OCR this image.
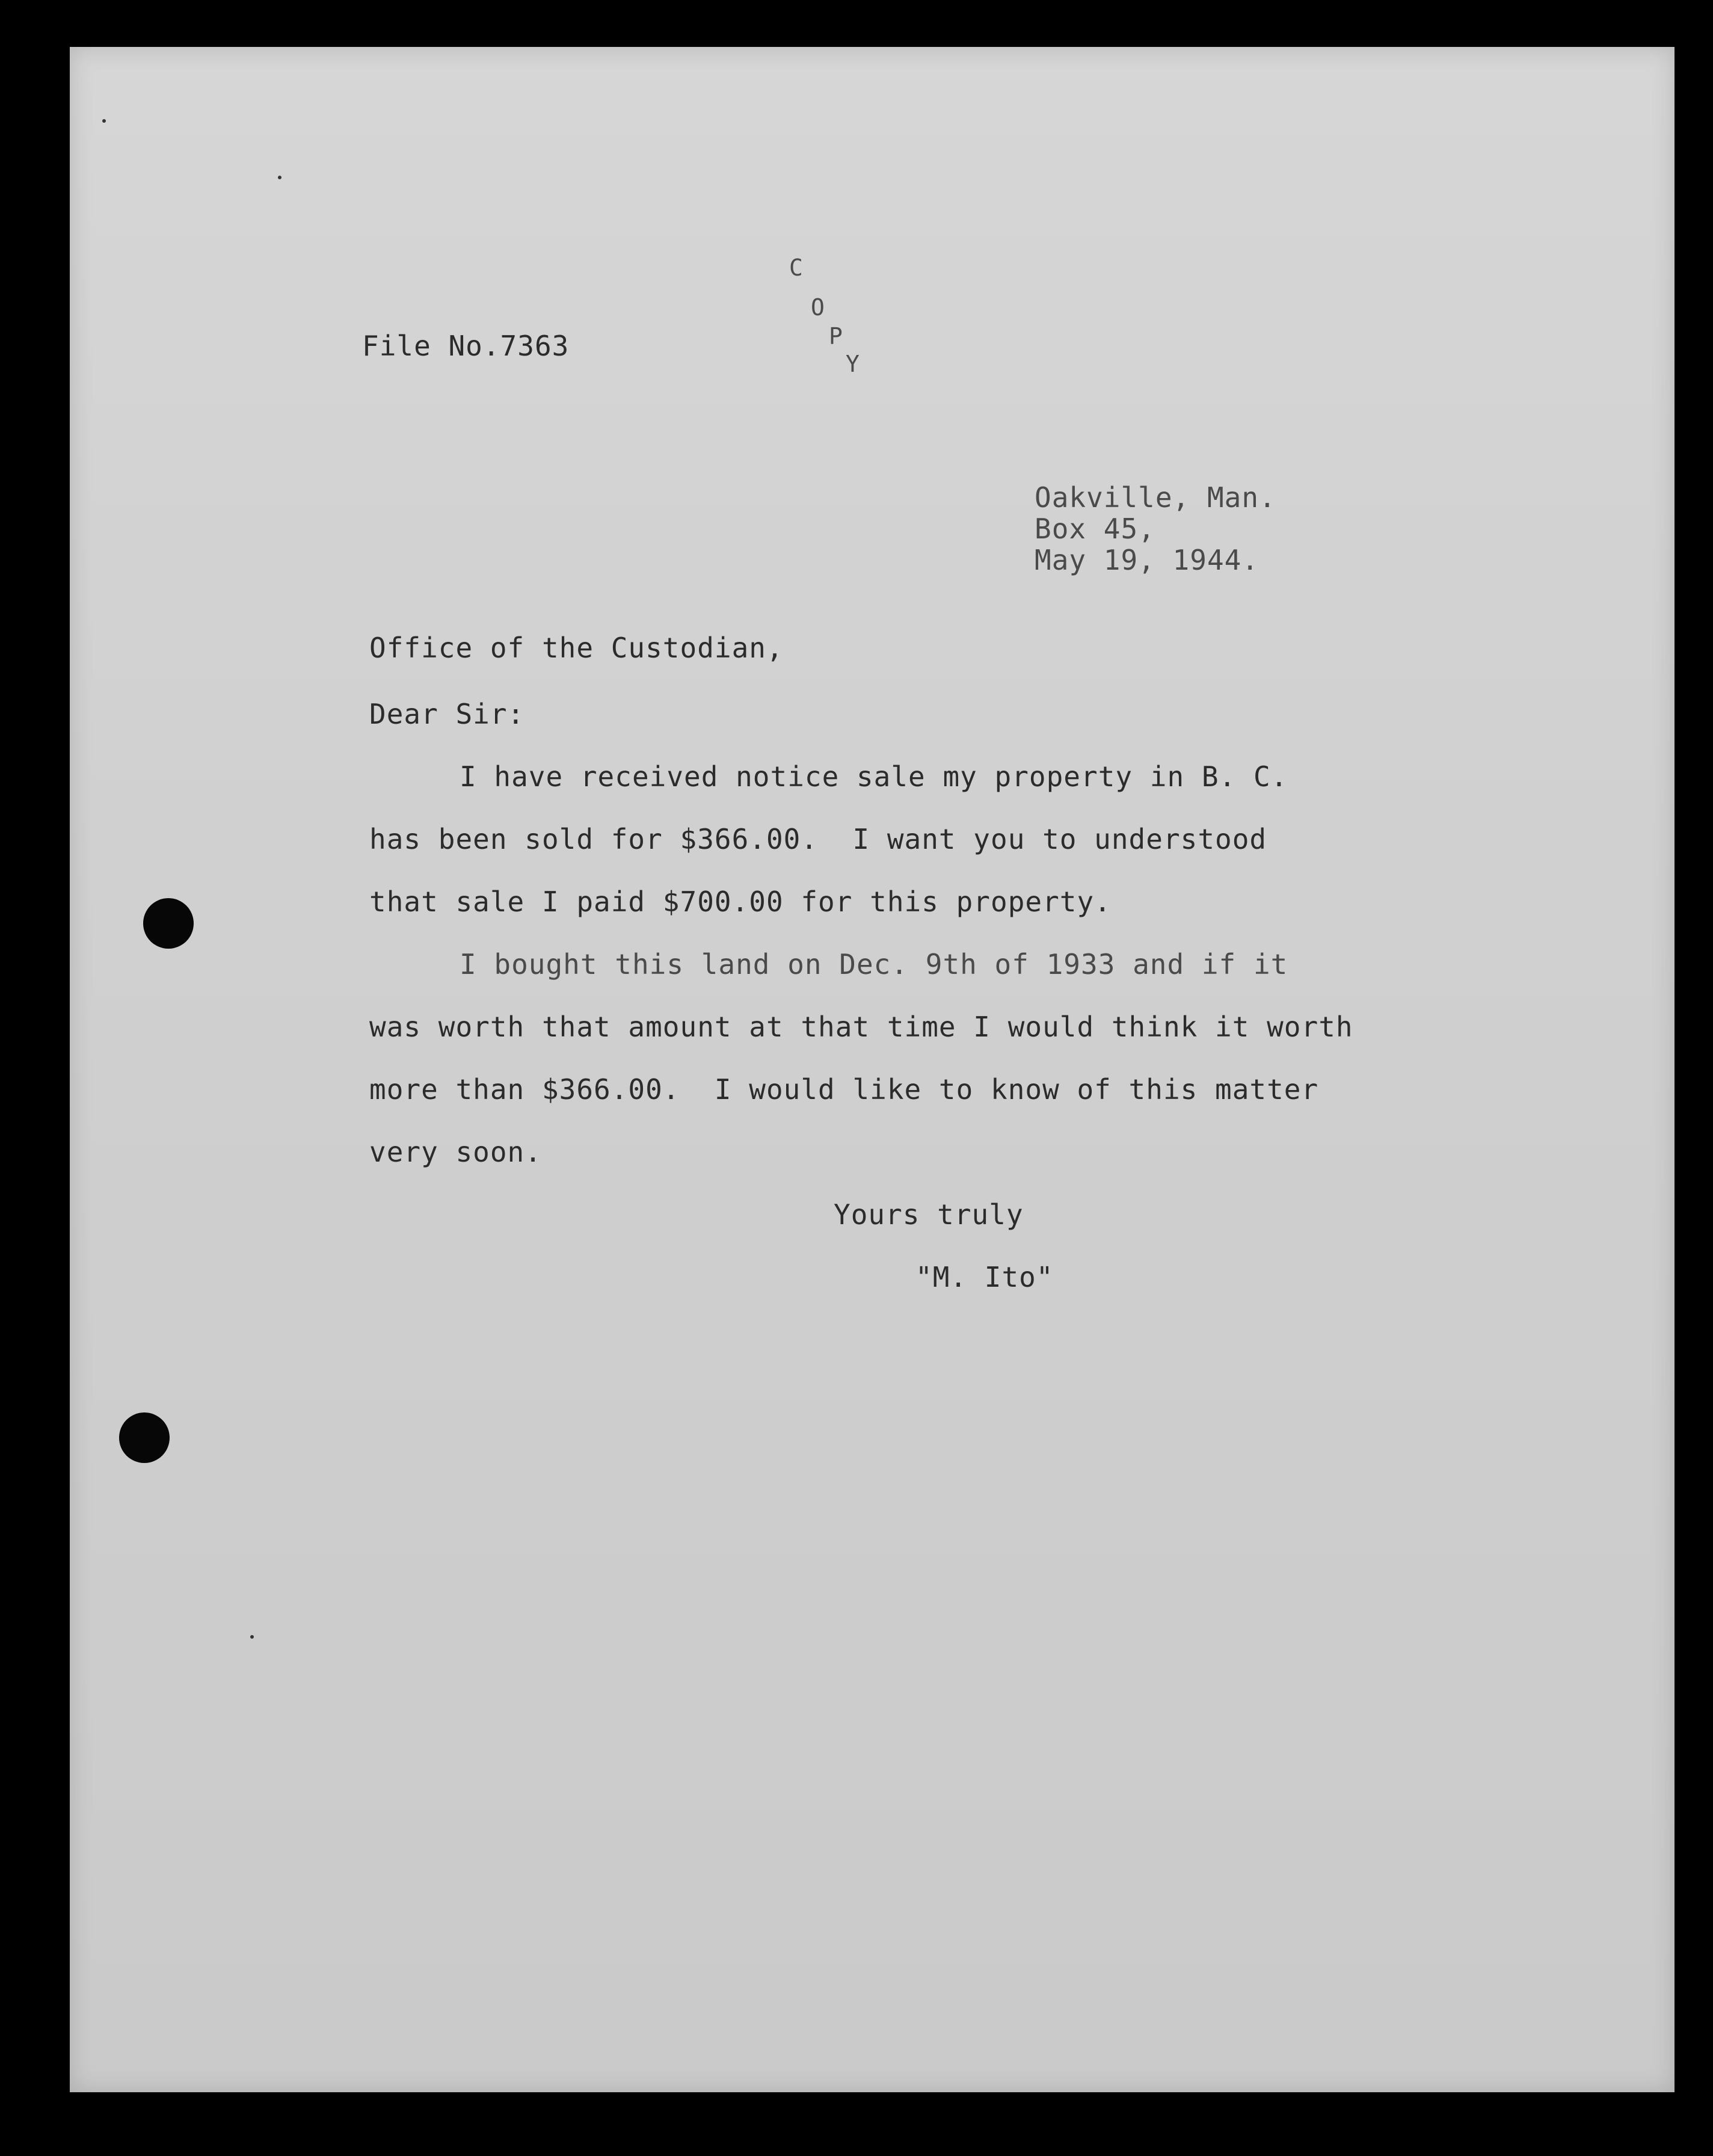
File No.7363
C
O
P
Y
Oakville, Man.
Box 45,
May 19, 1944.
Office of the Custodian,
Dear Sir:
I have received notice sale my property in B. C.
has been sold for $366.00.  I want you to understood
that sale I paid $700.00 for this property.
I bought this land on Dec. 9th of 1933 and if it
was worth that amount at that time I would think it worth
more than $366.00.  I would like to know of this matter
very soon.
Yours truly
"M. Ito"
